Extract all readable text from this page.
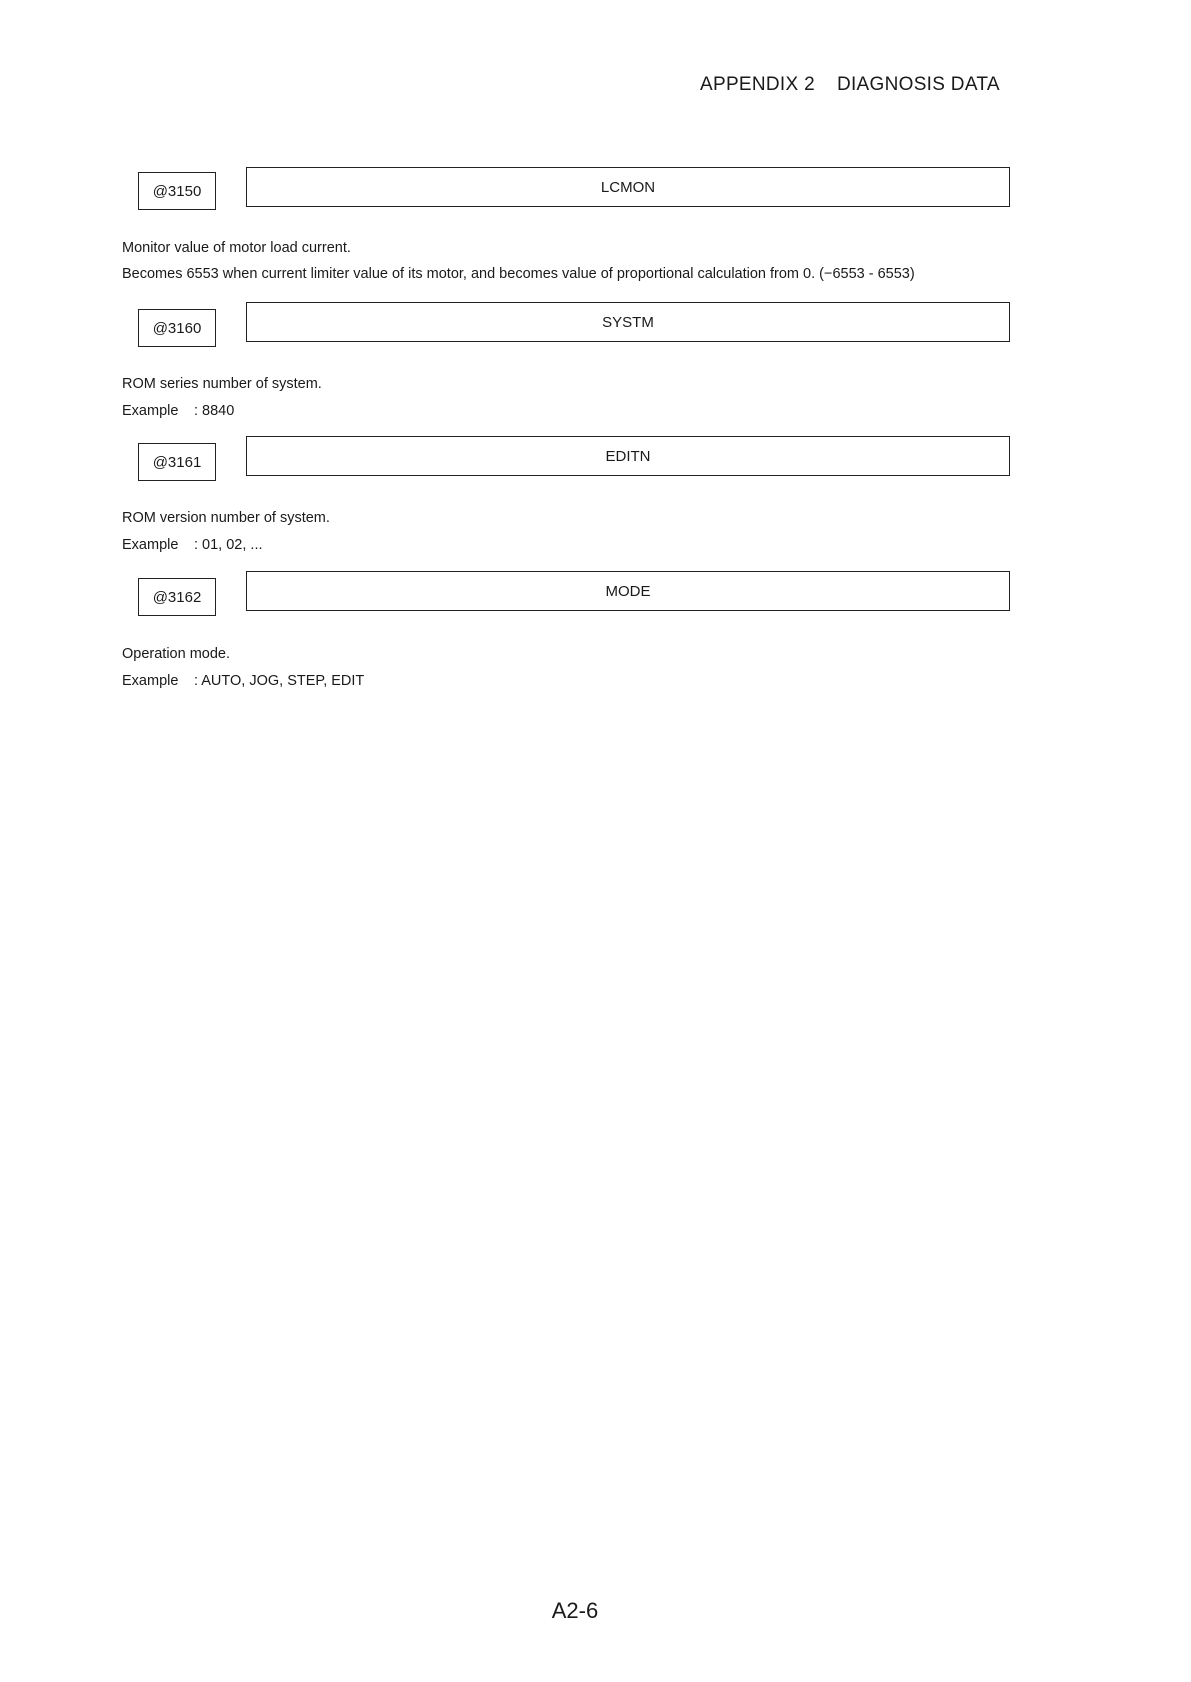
APPENDIX 2 DIAGNOSIS DATA
@3150	LCMON
Monitor value of motor load current.
Becomes 6553 when current limiter value of its motor, and becomes value of proportional calculation from 0. (−6553 - 6553)
@3160	SYSTM
ROM series number of system.
Example : 8840
@3161	EDITN
ROM version number of system.
Example : 01, 02, ...
@3162	MODE
Operation mode.
Example : AUTO, JOG, STEP, EDIT
A2-6
